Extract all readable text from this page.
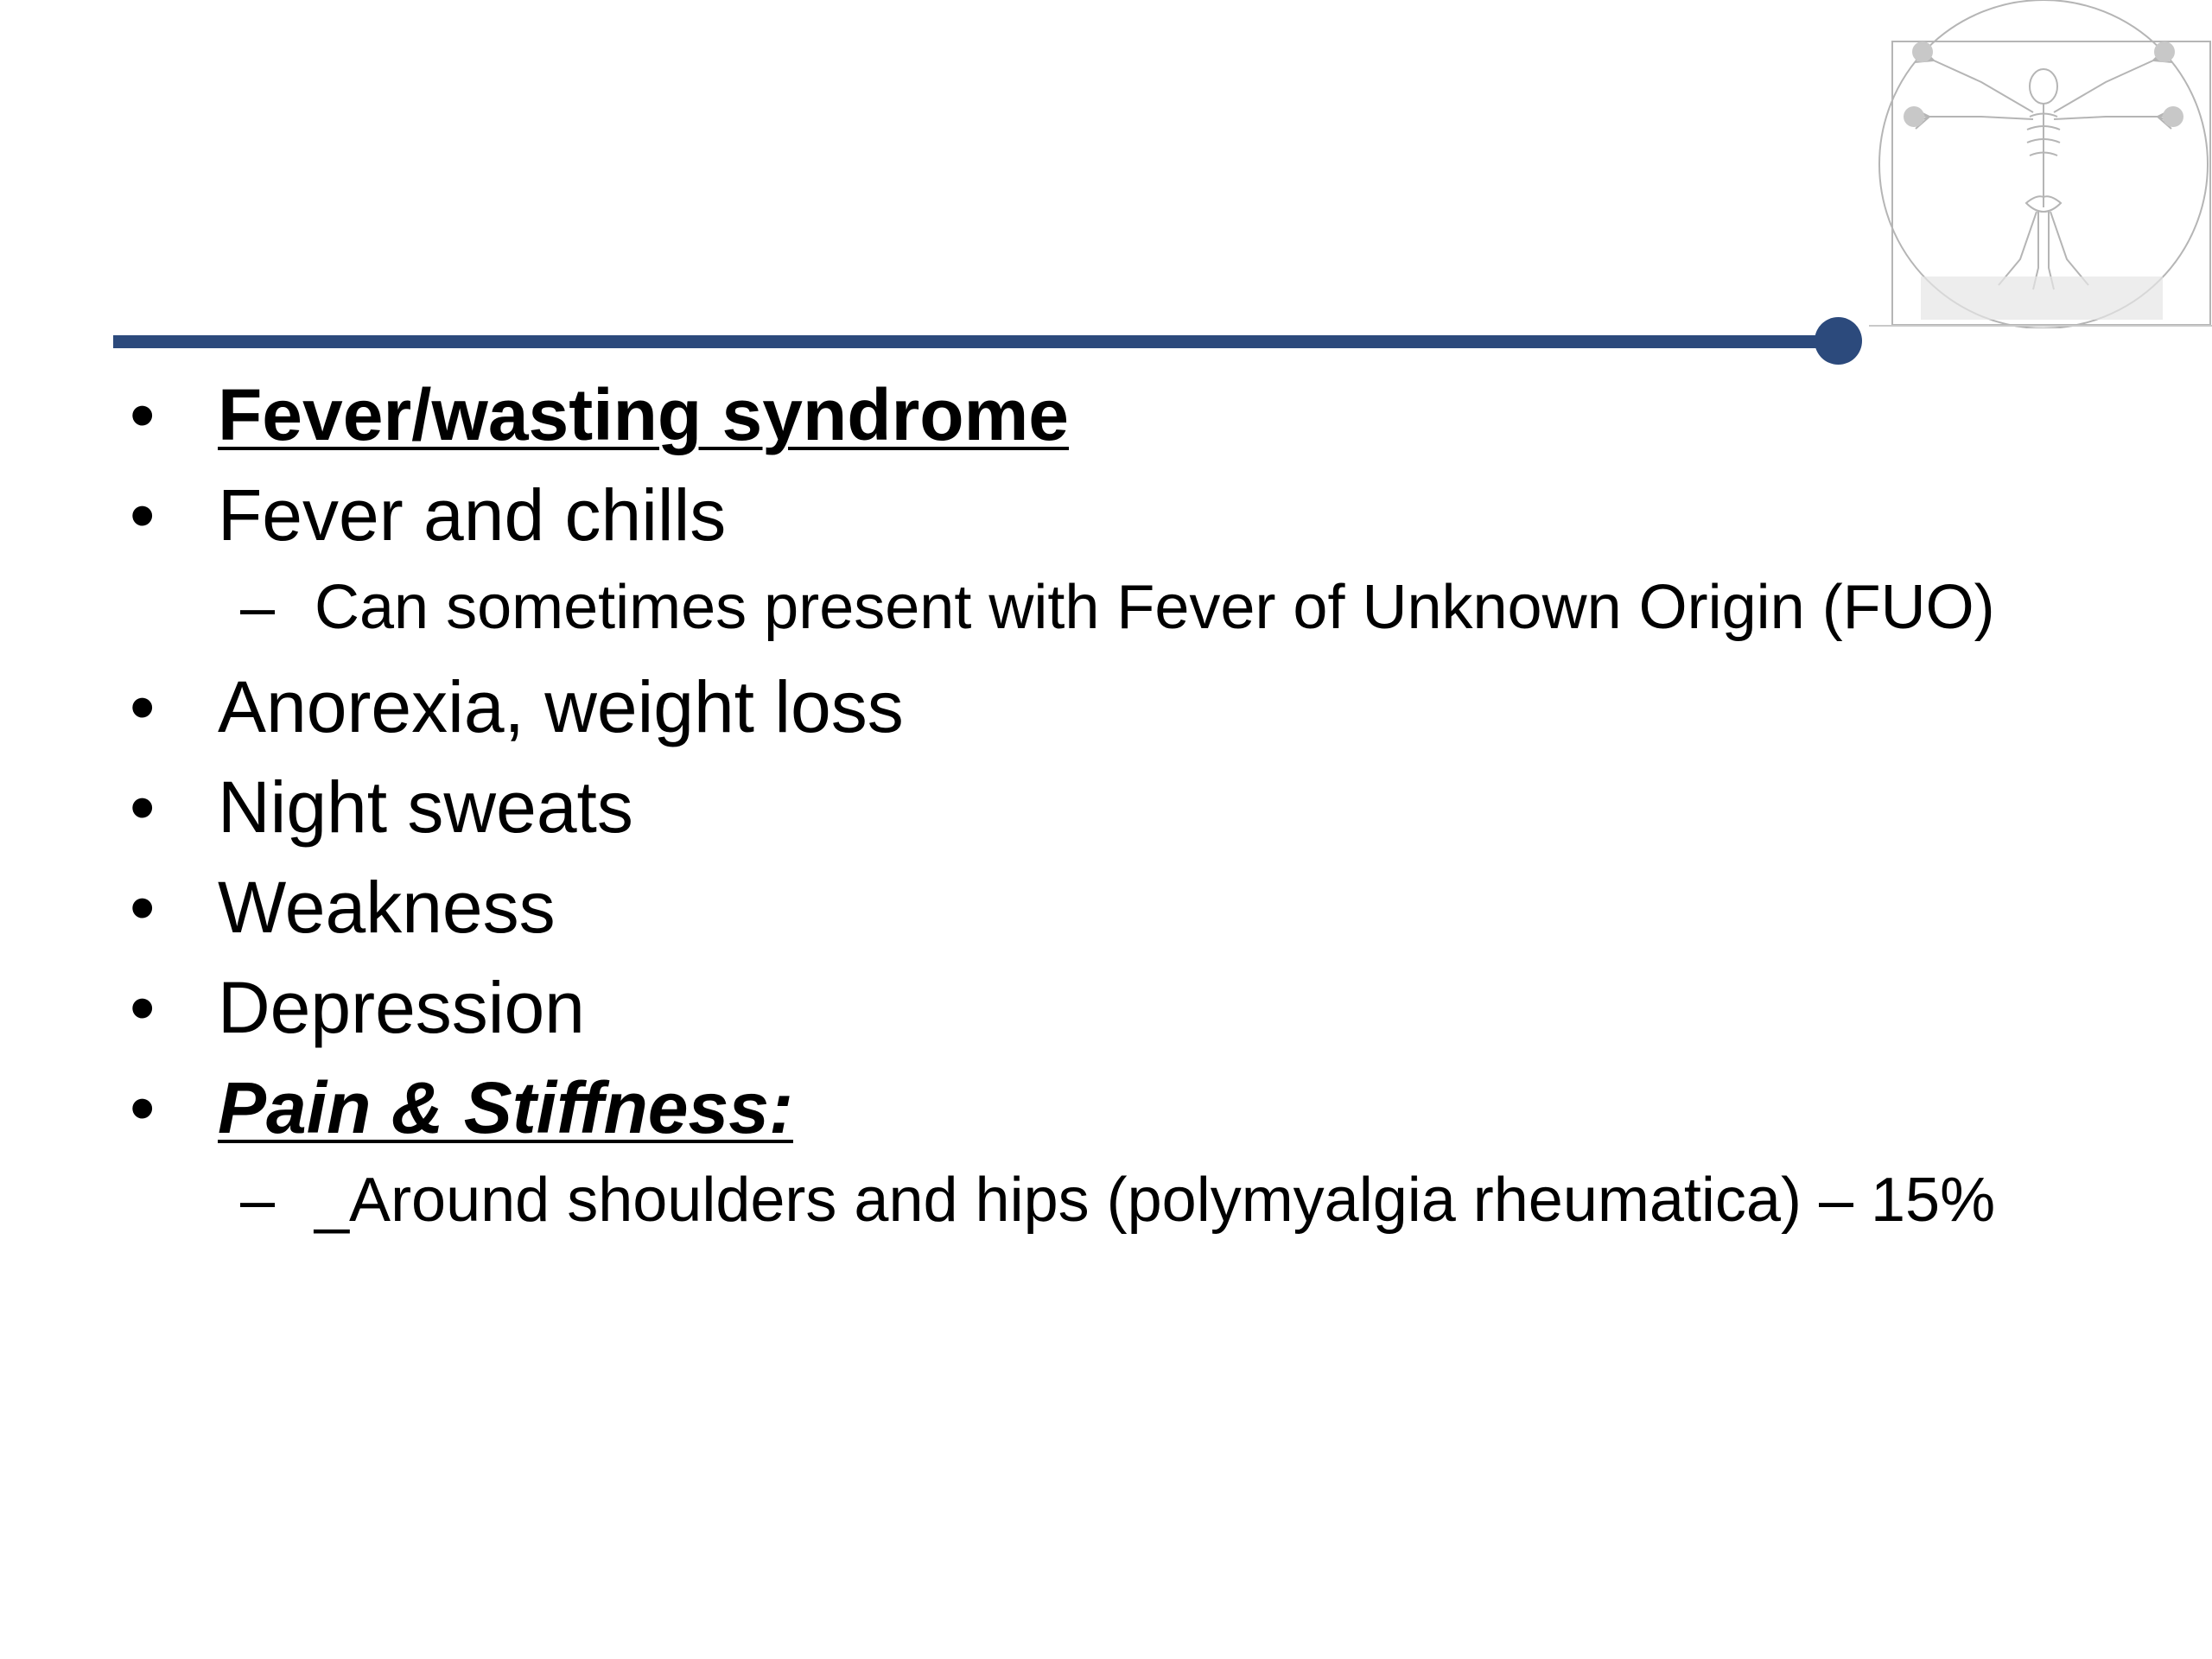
• Fever/wasting syndrome
• Fever and chills
– Can sometimes present with Fever of Unknown Origin (FUO)
• Anorexia, weight loss
• Night sweats
• Weakness
• Depression
• Pain & Stiffness:
– _Around shoulders and hips (polymyalgia rheumatica) – 15%
